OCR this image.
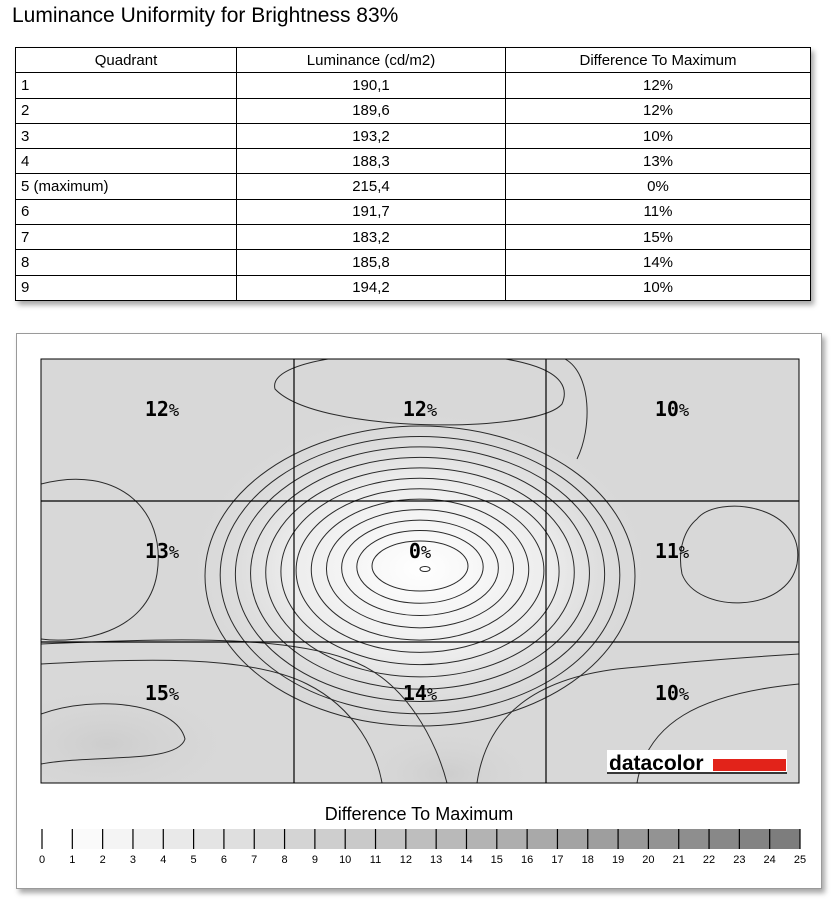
Luminance Uniformity for Brightness 83%
Quadrant	Luminance (cd/m2)	Difference To Maximum
1	190,1	12%
2	189,6	12%
3	193,2	10%
4	188,3	13%
5 (maximum)	215,4	0%
6	191,7	11%
7	183,2	15%
8	185,8	14%
9	194,2	10%
12%	12%	10%
13%	0%	11%
15%	14%	10%
datacolor
0 1 2 3 4 5 6 7 8 9 10 11 12 13 14 15 16 17 18 19 20 21 22 23 24 25
Difference To Maximum
